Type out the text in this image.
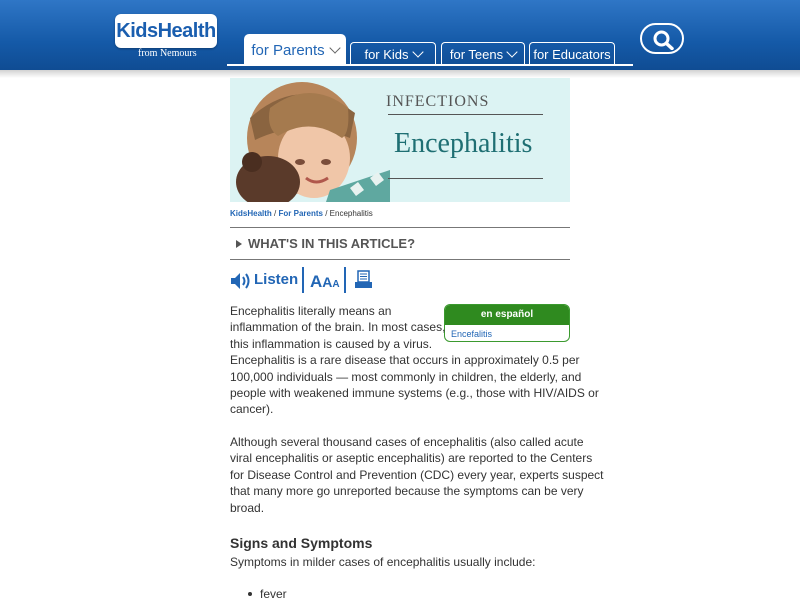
KidsHealth
from Nemours	for Parents	for Kids	for Teens	for Educators
INFECTIONS
Encephalitis
KidsHealth / For Parents / Encephalitis
WHAT'S IN THIS ARTICLE?
Listen AAA
en español
Encefalitis
Encephalitis literally means an
inflammation of the brain. In most cases,
this inflammation is caused by a virus.
Encephalitis is a rare disease that occurs in approximately 0.5 per
100,000 individuals — most commonly in children, the elderly, and
people with weakened immune systems (e.g., those with HIV/AIDS or
cancer).
Although several thousand cases of encephalitis (also called acute
viral encephalitis or aseptic encephalitis) are reported to the Centers
for Disease Control and Prevention (CDC) every year, experts suspect
that many more go unreported because the symptoms can be very
broad.
Signs and Symptoms
Symptoms in milder cases of encephalitis usually include:
fever
